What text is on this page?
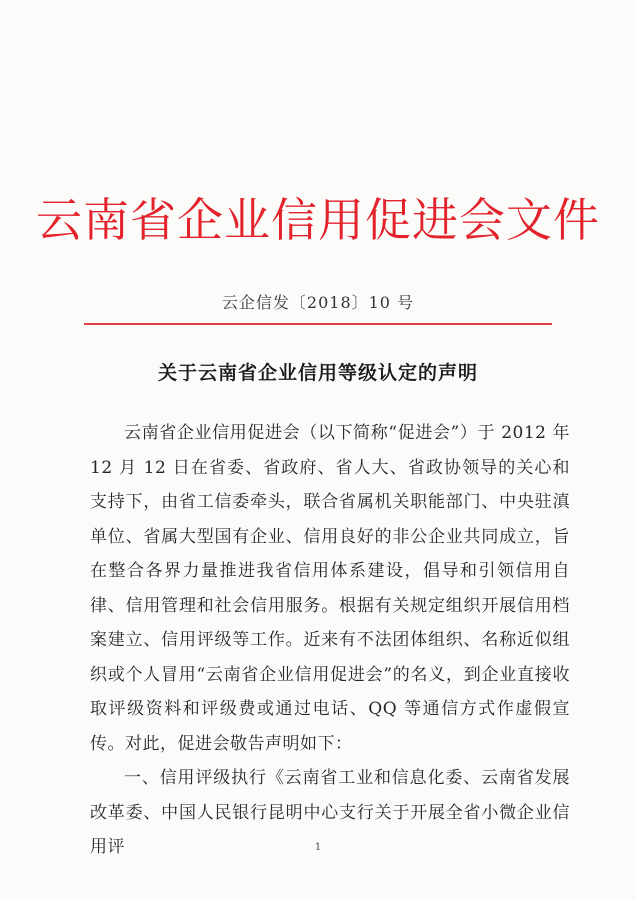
云南省企业信用促进会文件
云企信发〔2018〕10 号
关于云南省企业信用等级认定的声明

云南省企业信用促进会（以下简称“促进会”）于 2012 年 12 月 12 日在省委、省政府、省人大、省政协领导的关心和支持下，由省工信委牵头，联合省属机关职能部门、中央驻滇单位、省属大型国有企业、信用良好的非公企业共同成立，旨在整合各界力量推进我省信用体系建设，倡导和引领信用自律、信用管理和社会信用服务。根据有关规定组织开展信用档案建立、信用评级等工作。近来有不法团体组织、名称近似组织或个人冒用“云南省企业信用促进会”的名义，到企业直接收取评级资料和评级费或通过电话、QQ 等通信方式作虚假宣传。对此，促进会敬告声明如下：

一、信用评级执行《云南省工业和信息化委、云南省发展改革委、中国人民银行昆明中心支行关于开展全省小微企业信用评	1
